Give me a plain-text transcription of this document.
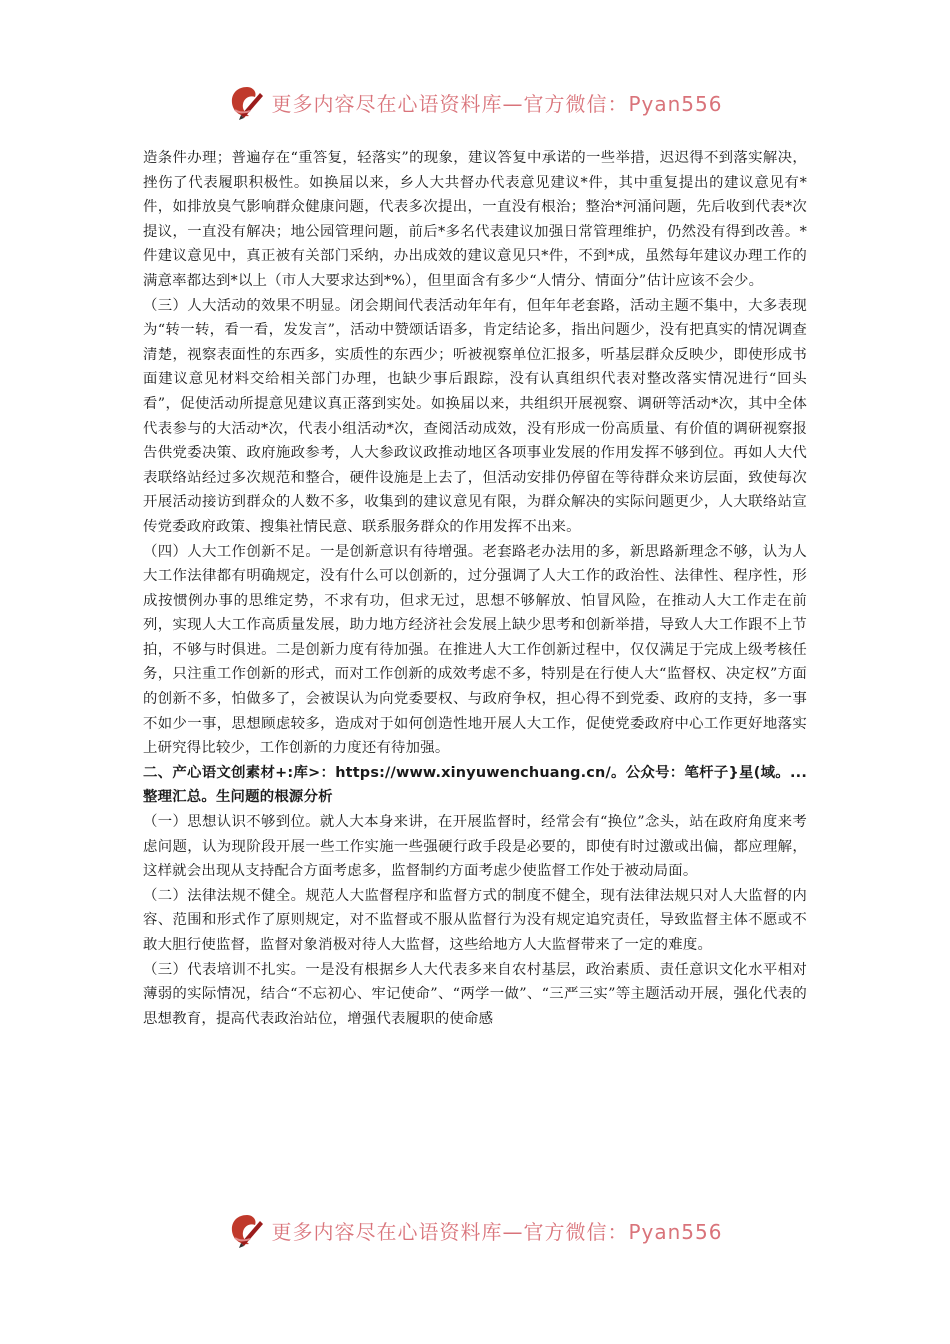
更多内容尽在心语资料库—官方微信：Pyan556

造条件办理；普遍存在“重答复，轻落实”的现象，建议答复中承诺的一些举措，迟迟得不到落实解决，挫伤了代表履职积极性。如换届以来，乡人大共督办代表意见建议*件，其中重复提出的建议意见有*件，如排放臭气影响群众健康问题，代表多次提出，一直没有根治；整治*河涌问题，先后收到代表*次提议，一直没有解决；地公园管理问题，前后*多名代表建议加强日常管理维护，仍然没有得到改善。*件建议意见中，真正被有关部门采纳，办出成效的建议意见只*件，不到*成，虽然每年建议办理工作的满意率都达到*以上（市人大要求达到*%），但里面含有多少“人情分、情面分”估计应该不会少。

（三）人大活动的效果不明显。闭会期间代表活动年年有，但年年老套路，活动主题不集中，大多表现为“转一转，看一看，发发言”，活动中赞颂话语多，肯定结论多，指出问题少，没有把真实的情况调查清楚，视察表面性的东西多，实质性的东西少；听被视察单位汇报多，听基层群众反映少，即使形成书面建议意见材料交给相关部门办理，也缺少事后跟踪，没有认真组织代表对整改落实情况进行“回头看”，促使活动所提意见建议真正落到实处。如换届以来，共组织开展视察、调研等活动*次，其中全体代表参与的大活动*次，代表小组活动*次，查阅活动成效，没有形成一份高质量、有价值的调研视察报告供党委决策、政府施政参考，人大参政议政推动地区各项事业发展的作用发挥不够到位。再如人大代表联络站经过多次规范和整合，硬件设施是上去了，但活动安排仍停留在等待群众来访层面，致使每次开展活动接访到群众的人数不多，收集到的建议意见有限，为群众解决的实际问题更少，人大联络站宣传党委政府政策、搜集社情民意、联系服务群众的作用发挥不出来。

（四）人大工作创新不足。一是创新意识有待增强。老套路老办法用的多，新思路新理念不够，认为人大工作法律都有明确规定，没有什么可以创新的，过分强调了人大工作的政治性、法律性、程序性，形成按惯例办事的思维定势，不求有功，但求无过，思想不够解放、怕冒风险，在推动人大工作走在前列，实现人大工作高质量发展，助力地方经济社会发展上缺少思考和创新举措，导致人大工作跟不上节拍，不够与时俱进。二是创新力度有待加强。在推进人大工作创新过程中，仅仅满足于完成上级考核任务，只注重工作创新的形式，而对工作创新的成效考虑不多，特别是在行使人大“监督权、决定权”方面的创新不多，怕做多了，会被误认为向党委要权、与政府争权，担心得不到党委、政府的支持，多一事不如少一事，思想顾虑较多，造成对于如何创造性地开展人大工作，促使党委政府中心工作更好地落实上研究得比较少，工作创新的力度还有待加强。

二、产心语文创素材+:库>：https://www.xinyuwenchuang.cn/。公众号：笔杆子}星(域。...整理汇总。生问题的根源分析

（一）思想认识不够到位。就人大本身来讲，在开展监督时，经常会有“换位”念头，站在政府角度来考虑问题，认为现阶段开展一些工作实施一些强硬行政手段是必要的，即使有时过激或出偏，都应理解，这样就会出现从支持配合方面考虑多，监督制约方面考虑少使监督工作处于被动局面。

（二）法律法规不健全。规范人大监督程序和监督方式的制度不健全，现有法律法规只对人大监督的内容、范围和形式作了原则规定，对不监督或不服从监督行为没有规定追究责任，导致监督主体不愿或不敢大胆行使监督，监督对象消极对待人大监督，这些给地方人大监督带来了一定的难度。

（三）代表培训不扎实。一是没有根据乡人大代表多来自农村基层，政治素质、责任意识文化水平相对薄弱的实际情况，结合“不忘初心、牢记使命”、“两学一做”、“三严三实”等主题活动开展，强化代表的思想教育，提高代表政治站位，增强代表履职的使命感

更多内容尽在心语资料库—官方微信：Pyan556
